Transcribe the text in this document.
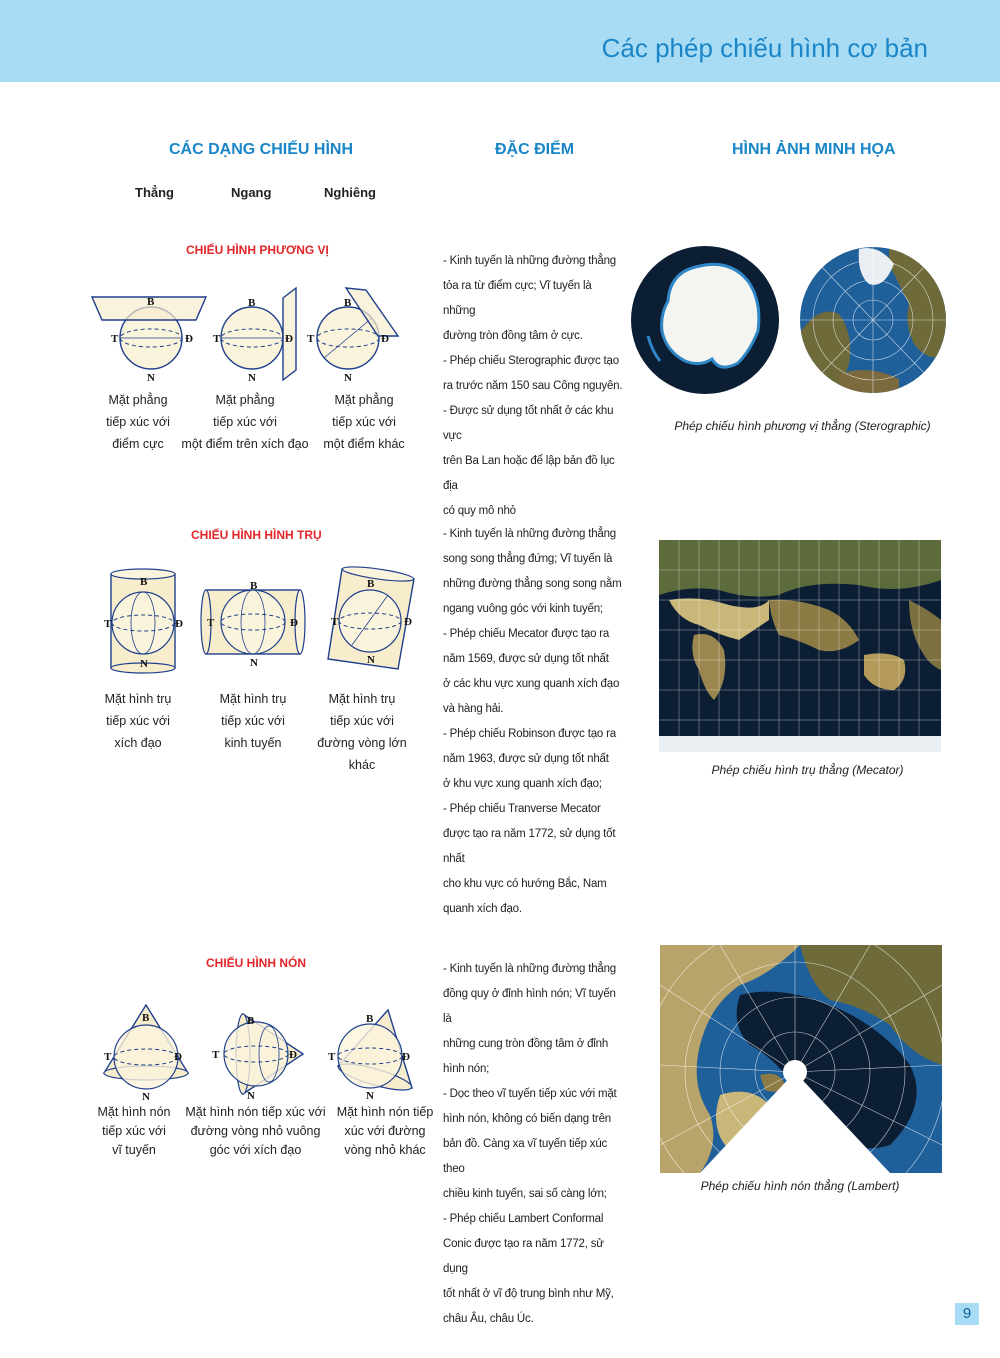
Các phép chiếu hình cơ bản
CÁC DẠNG CHIẾU HÌNH	ĐẶC ĐIỂM	HÌNH ẢNH MINH HỌA
Thẳng	Ngang	Nghiêng
CHIẾU HÌNH PHƯƠNG VỊ
B
T	Đ
N
B
T	Đ
N
B
T	Đ
N
Mặt phẳng
tiếp xúc với
điểm cực
Mặt phẳng
tiếp xúc với
một điểm trên xích đạo
Mặt phẳng
tiếp xúc với
một điểm khác

- Kinh tuyến là những đường thẳng

tỏa ra từ điểm cực; Vĩ tuyến là những

đường tròn đồng tâm ở cực.

- Phép chiếu Sterographic được tạo

ra trước năm 150 sau Công nguyên.

- Được sử dụng tốt nhất ở các khu vực

trên Ba Lan hoặc để lập bản đồ lục địa

có quy mô nhỏ

Phép chiếu hình phương vị thẳng (Sterographic)
CHIẾU HÌNH HÌNH TRỤ
B
T	Đ
N
B
T	Đ
N
B
T	Đ
N
Mặt hình trụ
tiếp xúc với
xích đạo
Mặt hình trụ
tiếp xúc với
kinh tuyến
Mặt hình trụ
tiếp xúc với
đường vòng lớn khác

- Kinh tuyến là những đường thẳng

song song thẳng đứng; Vĩ tuyến là

những đường thẳng song song nằm

ngang vuông góc với kinh tuyến;

- Phép chiếu Mecator được tạo ra

năm 1569, được sử dụng tốt nhất

ở các khu vực xung quanh xích đạo

và hàng hải.

- Phép chiếu Robinson được tạo ra

năm 1963, được sử dụng tốt nhất

ở khu vực xung quanh xích đạo;

- Phép chiếu Tranverse Mecator

được tạo ra năm 1772, sử dụng tốt nhất

cho khu vực có hướng Bắc, Nam

quanh xích đạo.

Phép chiếu hình trụ thẳng (Mecator)
CHIẾU HÌNH NÓN
B
T	Đ
N
B
T	Đ
N
B
T	Đ
N
Mặt hình nón
tiếp xúc với
vĩ tuyến
Mặt hình nón tiếp xúc với
đường vòng nhỏ vuông
góc với xích đạo
Mặt hình nón tiếp
xúc với đường
vòng nhỏ khác

- Kinh tuyến là những đường thẳng

đồng quy ở đỉnh hình nón; Vĩ tuyến là

những cung tròn đồng tâm ở đỉnh

hình nón;

- Dọc theo vĩ tuyến tiếp xúc với mặt

hình nón, không có biến dạng trên

bản đồ. Càng xa vĩ tuyến tiếp xúc theo

chiều kinh tuyến, sai số càng lớn;

- Phép chiếu Lambert Conformal

Conic được tạo ra năm 1772, sử dụng

tốt nhất ở vĩ độ trung bình như Mỹ,

châu Âu, châu Úc.

Phép chiếu hình nón thẳng (Lambert)
9
